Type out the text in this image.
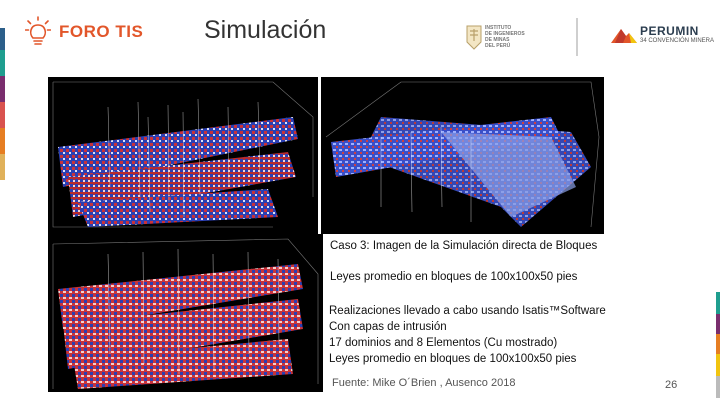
FORO TIS Simulación	INSTITUTO
DE INGENIEROS
DE MINAS
DEL PERÚ
PERUMIN
34 CONVENCIÓN MINERA
Caso 3: Imagen de la Simulación directa de Bloques
Leyes promedio en bloques de 100x100x50 pies
Realizaciones llevado a cabo usando Isatis™Software
Con capas de intrusión
17 dominios and 8 Elementos (Cu mostrado)
Leyes promedio en bloques de 100x100x50 pies
Fuente: Mike O´Brien , Ausenco 2018	26
